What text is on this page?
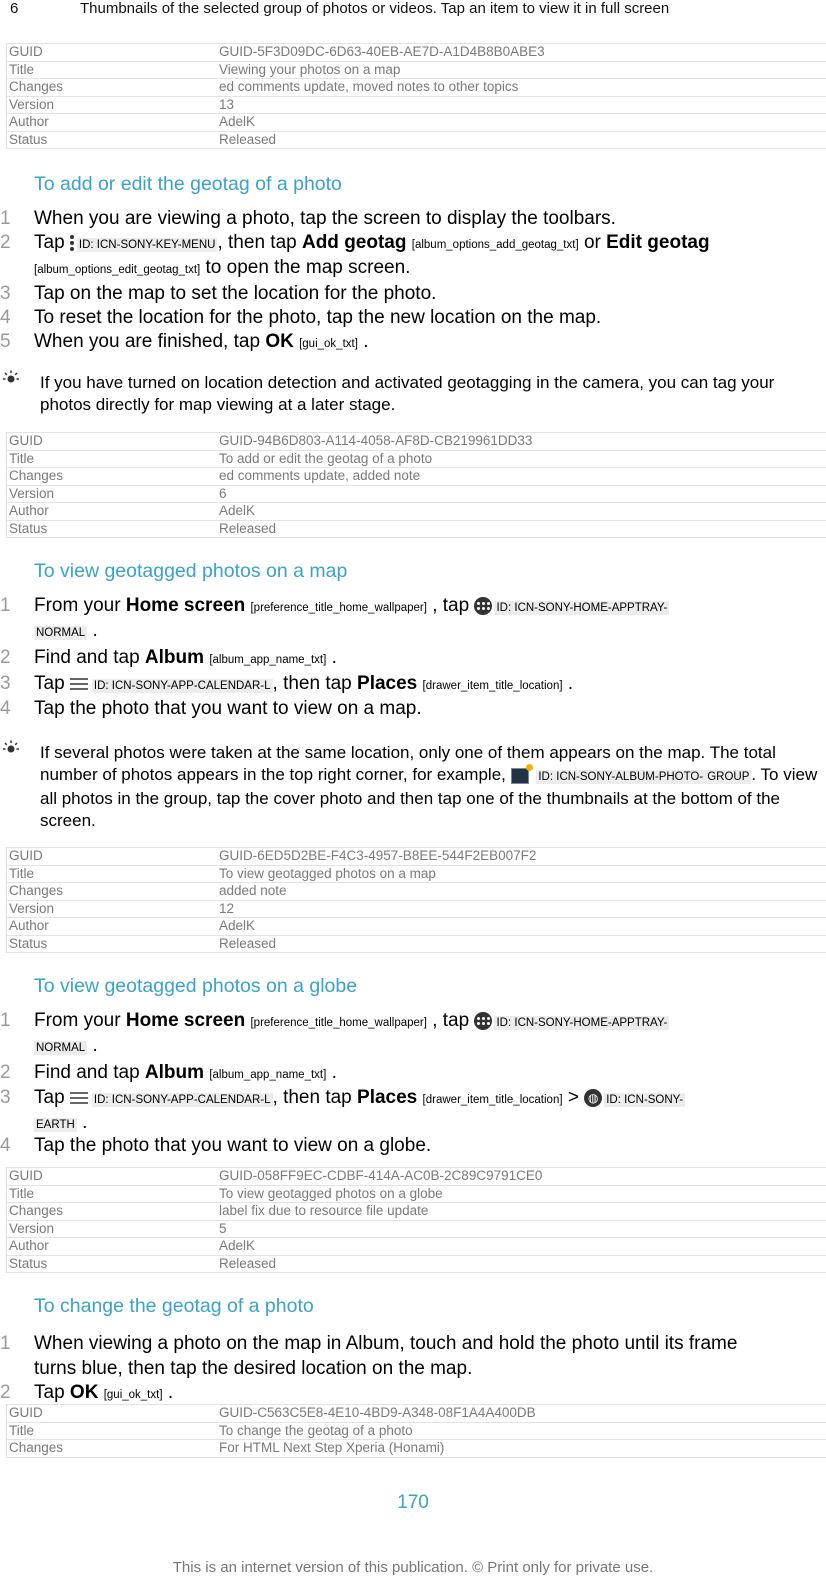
6	Thumbnails of the selected group of photos or videos. Tap an item to view it in full screen
GUID	GUID-5F3D09DC-6D63-40EB-AE7D-A1D4B8B0ABE3
Title	Viewing your photos on a map
Changes	ed comments update, moved notes to other topics
Version	13
Author	AdelK
Status	Released
To add or edit the geotag of a photo
1	When you are viewing a photo, tap the screen to display the toolbars.
2	Tap ID: ICN-SONY-KEY-MENU , then tap Add geotag [album_options_add_geotag_txt] or Edit geotag
[album_options_edit_geotag_txt] to open the map screen.
3	Tap on the map to set the location for the photo.
4	To reset the location for the photo, tap the new location on the map.
5	When you are finished, tap OK [gui_ok_txt] .
If you have turned on location detection and activated geotagging in the camera, you can tag your photos directly for map viewing at a later stage.
GUID	GUID-94B6D803-A114-4058-AF8D-CB219961DD33
Title	To add or edit the geotag of a photo
Changes	ed comments update, added note
Version	6
Author	AdelK
Status	Released
To view geotagged photos on a map
1	From your Home screen [preference_title_home_wallpaper] , tap ID: ICN-SONY-HOME-APPTRAY-
NORMAL .
2	Find and tap Album [album_app_name_txt] .
3	Tap	ID: ICN-SONY-APP-CALENDAR-L , then tap Places [drawer_item_title_location] .
4	Tap the photo that you want to view on a map.
If several photos were taken at the same location, only one of them appears on the map. The total number of photos appears in the top right corner, for example,	ID: ICN-SONY-ALBUM-PHOTO- GROUP . To view all photos in the group, tap the cover photo and then tap one of the thumbnails at the bottom of the screen.
GUID	GUID-6ED5D2BE-F4C3-4957-B8EE-544F2EB007F2
Title	To view geotagged photos on a map
Changes	added note
Version	12
Author	AdelK
Status	Released
To view geotagged photos on a globe
1	From your Home screen [preference_title_home_wallpaper] , tap ID: ICN-SONY-HOME-APPTRAY-
NORMAL .
2	Find and tap Album [album_app_name_txt] .
3	Tap	ID: ICN-SONY-APP-CALENDAR-L , then tap Places [drawer_item_title_location] > ◍ ID: ICN-SONY-
EARTH .
4	Tap the photo that you want to view on a globe.
GUID	GUID-058FF9EC-CDBF-414A-AC0B-2C89C9791CE0
Title	To view geotagged photos on a globe
Changes	label fix due to resource file update
Version	5
Author	AdelK
Status	Released
To change the geotag of a photo
1	When viewing a photo on the map in Album, touch and hold the photo until its frame turns blue, then tap the desired location on the map.
2	Tap OK [gui_ok_txt] .
GUID	GUID-C563C5E8-4E10-4BD9-A348-08F1A4A400DB
Title	To change the geotag of a photo
Changes	For HTML Next Step Xperia (Honami)
170
This is an internet version of this publication. © Print only for private use.
